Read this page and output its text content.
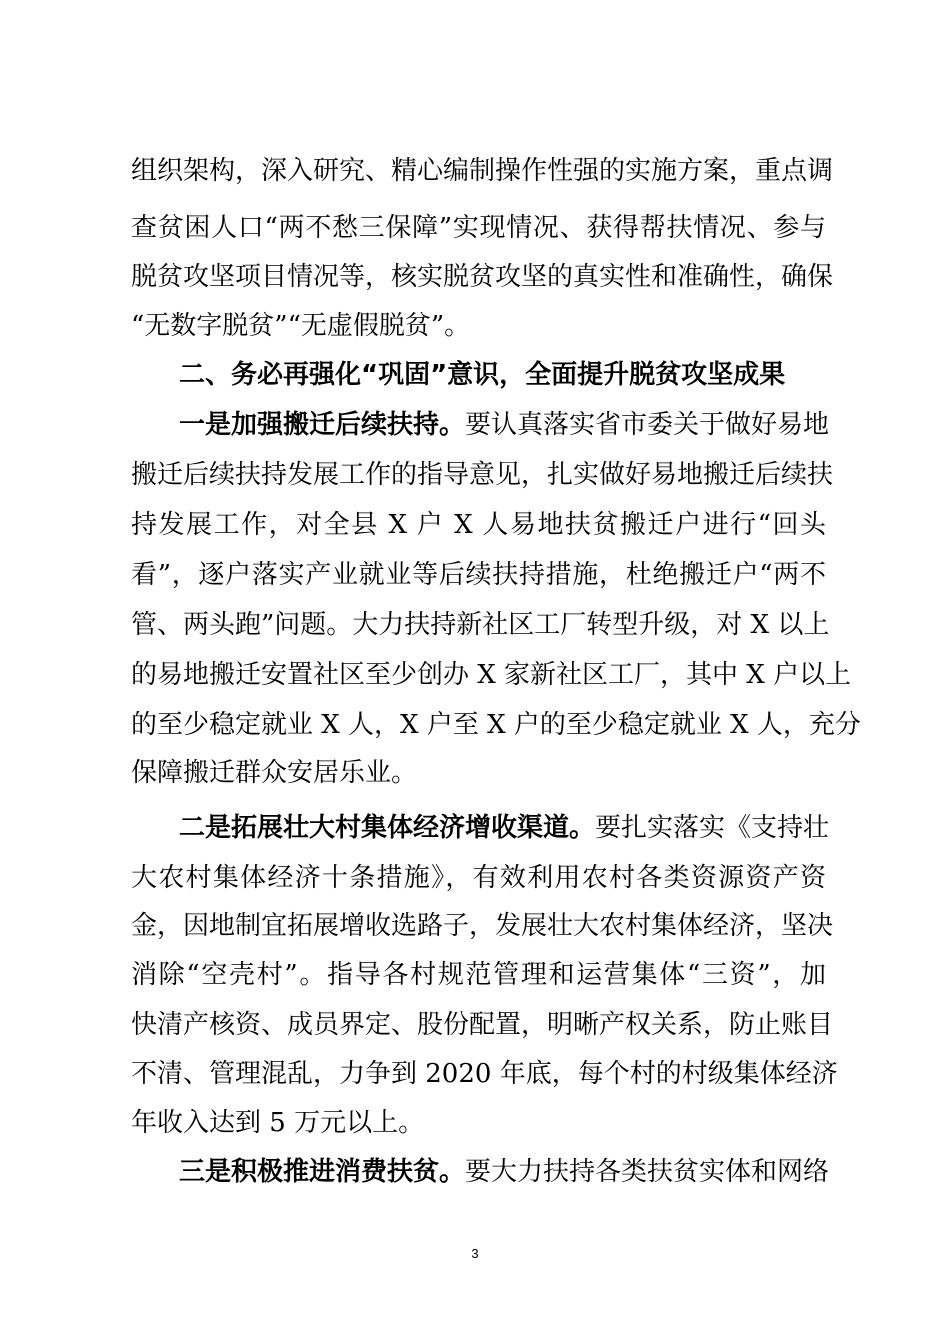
组织架构，深入研究、精心编制操作性强的实施方案，重点调
查贫困人口“两不愁三保障”实现情况、获得帮扶情况、参与
脱贫攻坚项目情况等，核实脱贫攻坚的真实性和准确性，确保
“无数字脱贫”“无虚假脱贫”。
二、务必再强化“巩固”意识，全面提升脱贫攻坚成果
一是加强搬迁后续扶持。要认真落实省市委关于做好易地
搬迁后续扶持发展工作的指导意见，扎实做好易地搬迁后续扶
持发展工作，对全县 X 户 X 人易地扶贫搬迁户进行“回头
看”，逐户落实产业就业等后续扶持措施，杜绝搬迁户“两不
管、两头跑”问题。大力扶持新社区工厂转型升级，对 X 以上
的易地搬迁安置社区至少创办 X 家新社区工厂，其中 X 户以上
的至少稳定就业 X 人，X 户至 X 户的至少稳定就业 X 人，充分
保障搬迁群众安居乐业。
二是拓展壮大村集体经济增收渠道。要扎实落实《支持壮
大农村集体经济十条措施》，有效利用农村各类资源资产资
金，因地制宜拓展增收选路子，发展壮大农村集体经济，坚决
消除“空壳村”。指导各村规范管理和运营集体“三资”，加
快清产核资、成员界定、股份配置，明晰产权关系，防止账目
不清、管理混乱，力争到 2020 年底，每个村的村级集体经济
年收入达到 5 万元以上。
三是积极推进消费扶贫。要大力扶持各类扶贫实体和网络
3
